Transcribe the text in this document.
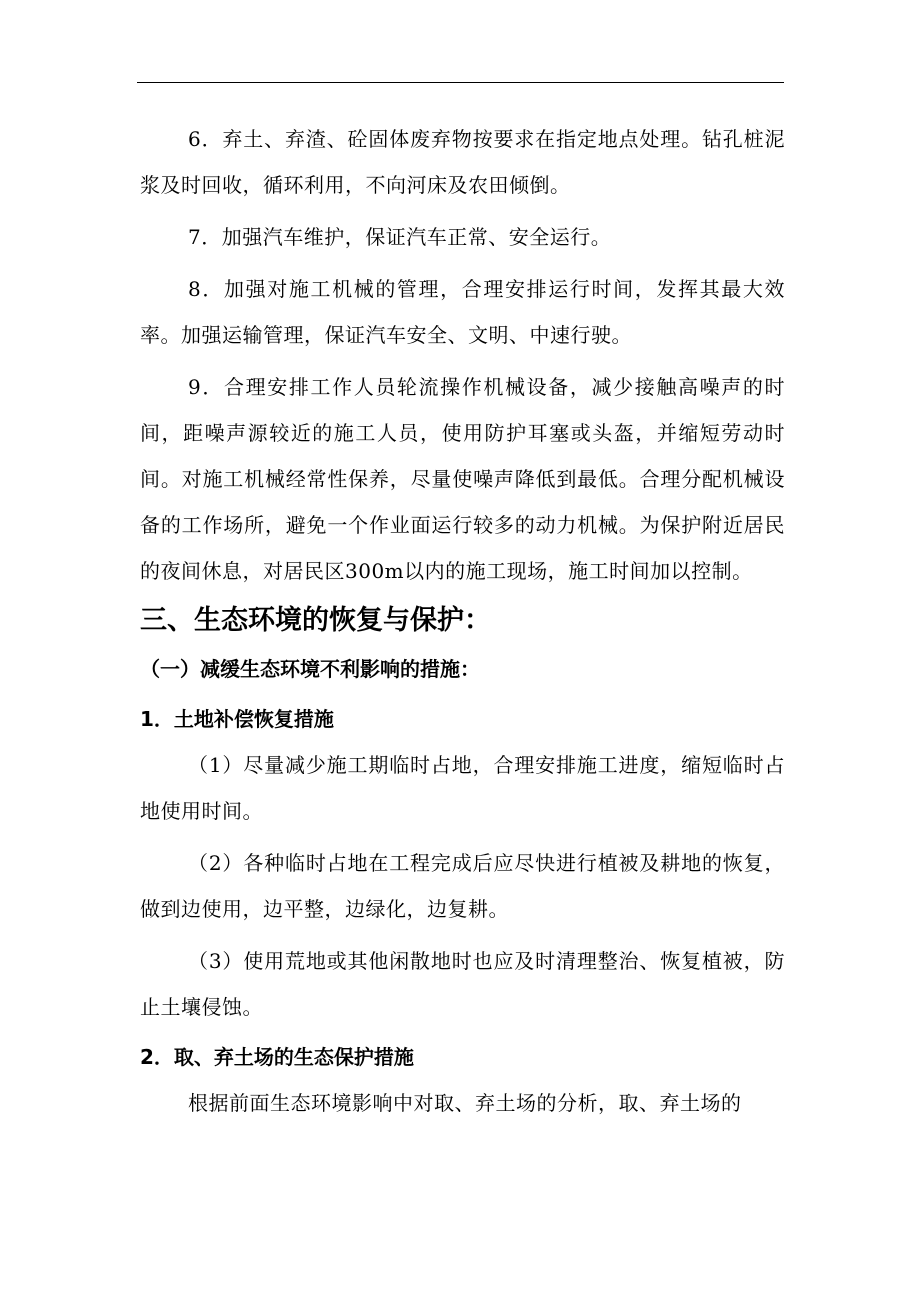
6．弃土、弃渣、砼固体废弃物按要求在指定地点处理。钻孔桩泥浆及时回收，循环利用，不向河床及农田倾倒。

7．加强汽车维护，保证汽车正常、安全运行。

8．加强对施工机械的管理，合理安排运行时间，发挥其最大效率。加强运输管理，保证汽车安全、文明、中速行驶。

9．合理安排工作人员轮流操作机械设备，减少接触高噪声的时间，距噪声源较近的施工人员，使用防护耳塞或头盔，并缩短劳动时间。对施工机械经常性保养，尽量使噪声降低到最低。合理分配机械设备的工作场所，避免一个作业面运行较多的动力机械。为保护附近居民的夜间休息，对居民区300m以内的施工现场，施工时间加以控制。

三、生态环境的恢复与保护：
（一）减缓生态环境不利影响的措施：
1．土地补偿恢复措施

（1）尽量减少施工期临时占地，合理安排施工进度，缩短临时占地使用时间。

（2）各种临时占地在工程完成后应尽快进行植被及耕地的恢复，做到边使用，边平整，边绿化，边复耕。

（3）使用荒地或其他闲散地时也应及时清理整治、恢复植被，防止土壤侵蚀。

2．取、弃土场的生态保护措施

根据前面生态环境影响中对取、弃土场的分析，取、弃土场的
